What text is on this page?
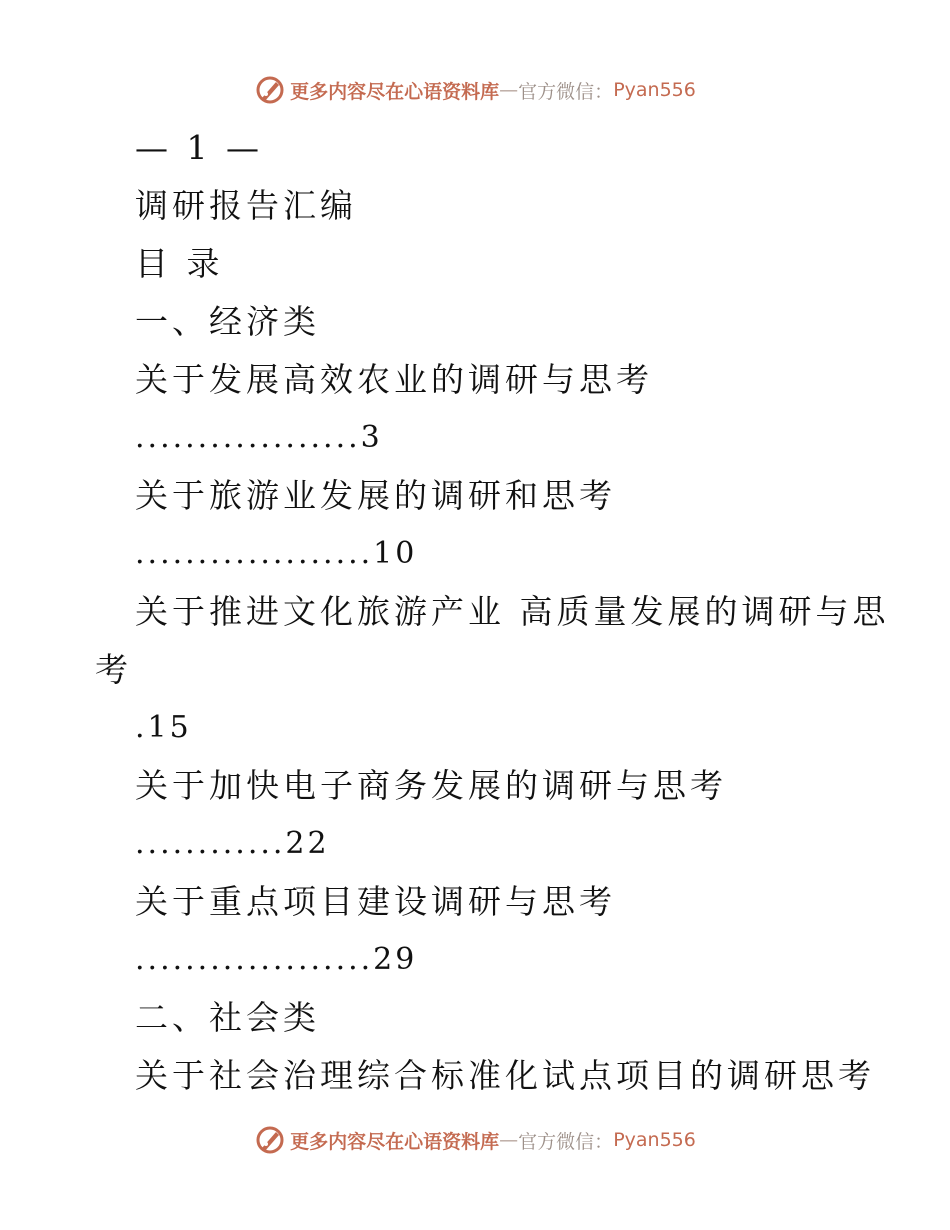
更多内容尽在心语资料库 — 官方微信： Pyan556
— 1 —
调研报告汇编
目 录
一、经济类
关于发展高效农业的调研与思考
..................3
关于旅游业发展的调研和思考
...................10
关于推进文化旅游产业 高质量发展的调研与思
考
.15
关于加快电子商务发展的调研与思考
............22
关于重点项目建设调研与思考
...................29
二、社会类
关于社会治理综合标准化试点项目的调研思考
更多内容尽在心语资料库 — 官方微信： Pyan556
